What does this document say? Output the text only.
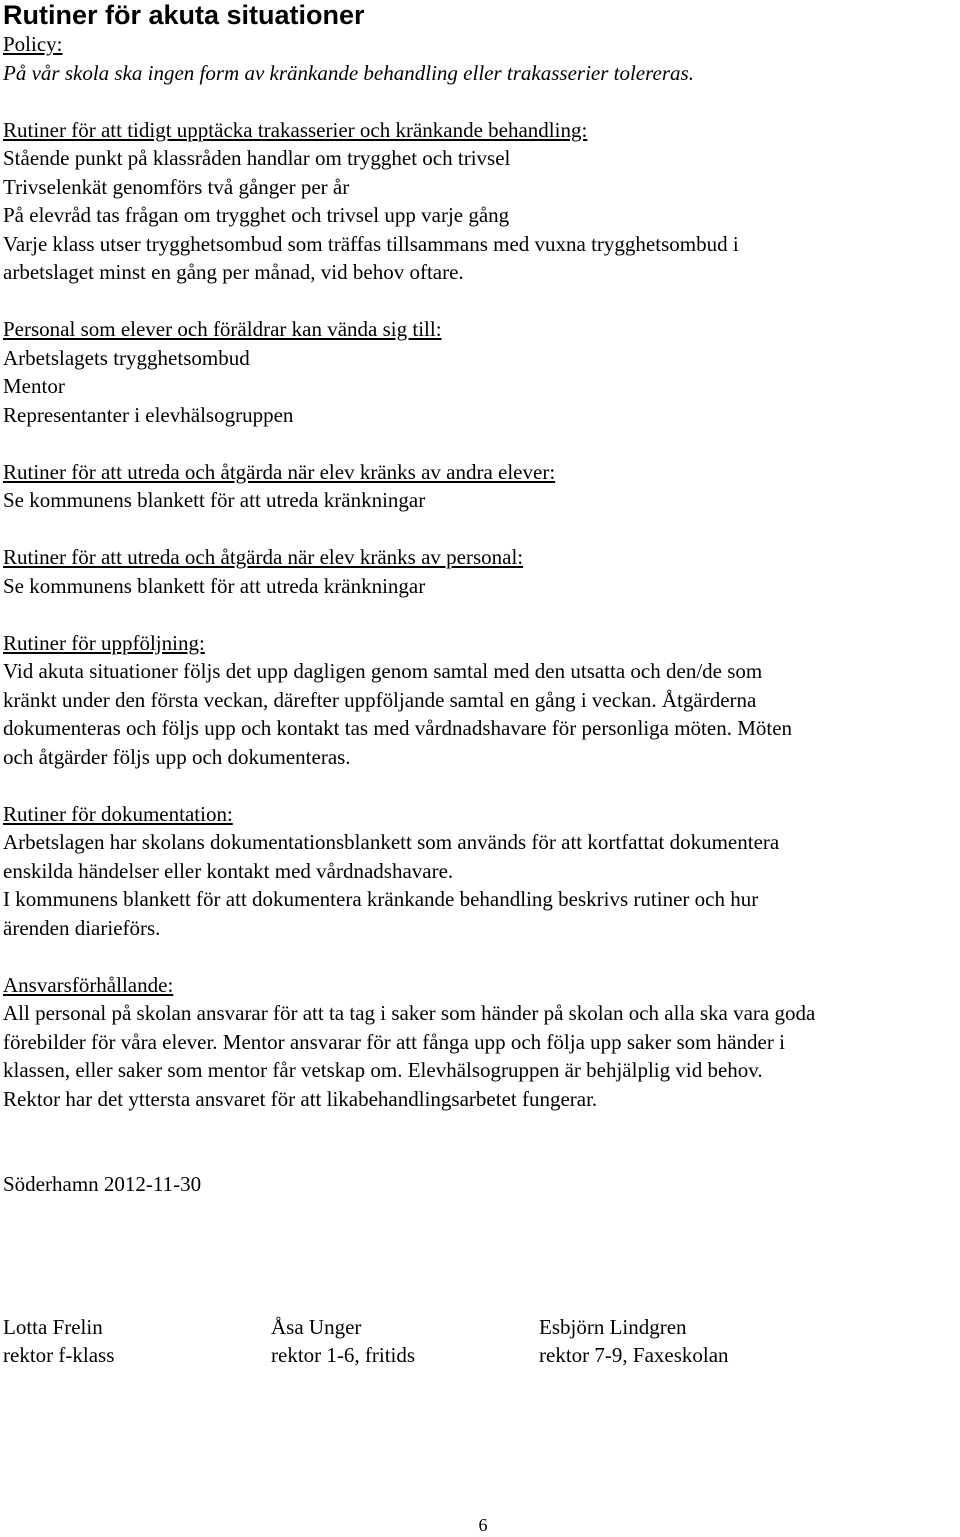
Rutiner för akuta situationer
Policy:
På vår skola ska ingen form av kränkande behandling eller trakasserier tolereras.
Rutiner för att tidigt upptäcka trakasserier och kränkande behandling:
Stående punkt på klassråden handlar om trygghet och trivsel
Trivselenkät genomförs två gånger per år
På elevråd tas frågan om trygghet och trivsel upp varje gång
Varje klass utser trygghetsombud som träffas tillsammans med vuxna trygghetsombud i
arbetslaget minst en gång per månad, vid behov oftare.
Personal som elever och föräldrar kan vända sig till:
Arbetslagets trygghetsombud
Mentor
Representanter i elevhälsogruppen
Rutiner för att utreda och åtgärda när elev kränks av andra elever:
Se kommunens blankett för att utreda kränkningar
Rutiner för att utreda och åtgärda när elev kränks av personal:
Se kommunens blankett för att utreda kränkningar
Rutiner för uppföljning:
Vid akuta situationer följs det upp dagligen genom samtal med den utsatta och den/de som
kränkt under den första veckan, därefter uppföljande samtal en gång i veckan. Åtgärderna
dokumenteras och följs upp och kontakt tas med vårdnadshavare för personliga möten. Möten
och åtgärder följs upp och dokumenteras.
Rutiner för dokumentation:
Arbetslagen har skolans dokumentationsblankett som används för att kortfattat dokumentera
enskilda händelser eller kontakt med vårdnadshavare.
I kommunens blankett för att dokumentera kränkande behandling beskrivs rutiner och hur
ärenden diarieförs.
Ansvarsförhållande:
All personal på skolan ansvarar för att ta tag i saker som händer på skolan och alla ska vara goda
förebilder för våra elever. Mentor ansvarar för att fånga upp och följa upp saker som händer i
klassen, eller saker som mentor får vetskap om. Elevhälsogruppen är behjälplig vid behov.
Rektor har det yttersta ansvaret för att likabehandlingsarbetet fungerar.
Söderhamn 2012-11-30
Lotta Frelin	Åsa Unger	Esbjörn Lindgren
rektor f-klass	rektor 1-6, fritids	rektor 7-9, Faxeskolan
6
